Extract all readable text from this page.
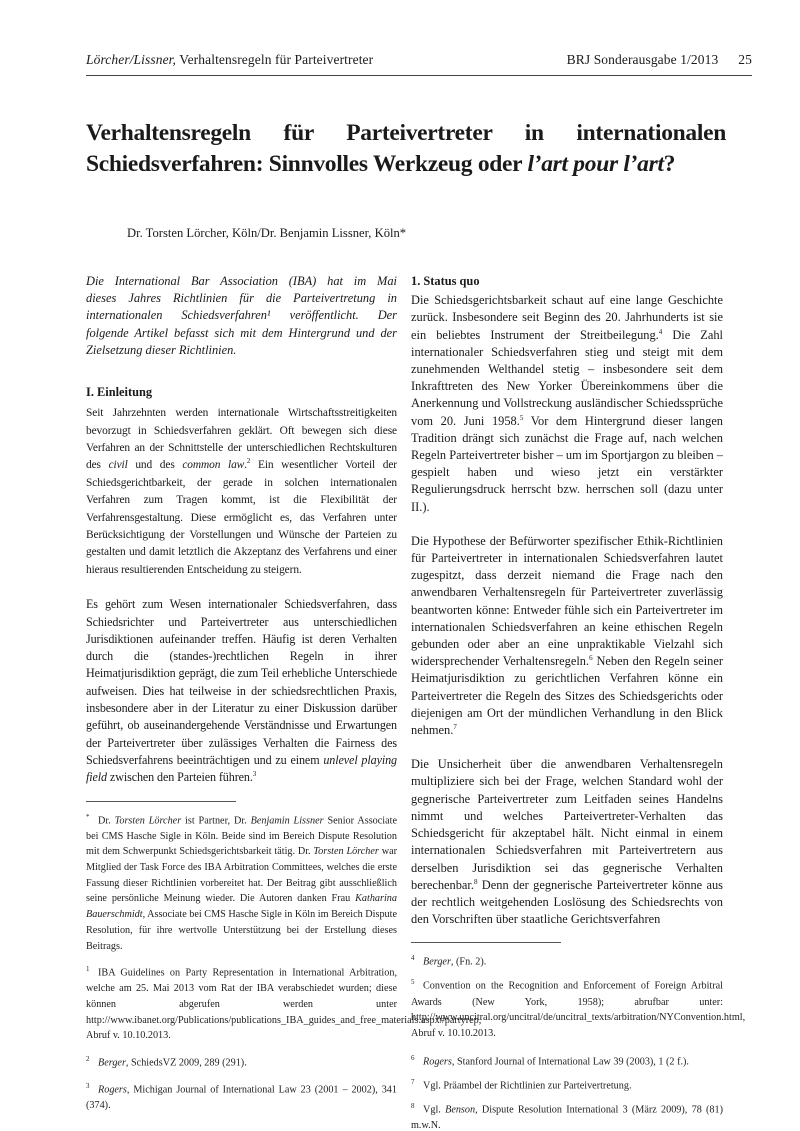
Lörcher/Lissner, Verhaltensregeln für Parteivertreter	BRJ Sonderausgabe 1/2013 25
Verhaltensregeln für Parteivertreter in internationalen
Schiedsverfahren: Sinnvolles Werkzeug oder l’art pour l’art?
Dr. Torsten Lörcher, Köln/Dr. Benjamin Lissner, Köln*
Die International Bar Association (IBA) hat im Mai
dieses Jahres Richtlinien für die Parteivertretung in
internationalen Schiedsverfahren¹ veröffentlicht. Der
folgende Artikel befasst sich mit dem Hintergrund und der
Zielsetzung dieser Richtlinien.
I. Einleitung

Seit Jahrzehnten werden internationale Wirtschaftsstreitigkeiten bevorzugt in Schiedsverfahren geklärt. Oft bewegen sich diese Verfahren an der Schnittstelle der unterschiedlichen Rechtskulturen des civil und des common law.$^2$ Ein wesentlicher Vorteil der Schiedsgerichtbarkeit, der gerade in solchen internationalen Verfahren zum Tragen kommt, ist die Flexibilität der Verfahrensgestaltung. Diese ermöglicht es, das Verfahren unter Berücksichtigung der Vorstellungen und Wünsche der Parteien zu gestalten und damit letztlich die Akzeptanz des Verfahrens und einer hieraus resultierenden Entscheidung zu steigern.

Es gehört zum Wesen internationaler Schiedsverfahren, dass Schiedsrichter und Parteivertreter aus unterschiedlichen Jurisdiktionen aufeinander treffen. Häufig ist deren Verhalten durch die (standes-)rechtlichen Regeln in ihrer Heimatjurisdiktion geprägt, die zum Teil erhebliche Unterschiede aufweisen. Dies hat teilweise in der schiedsrechtlichen Praxis, insbesondere aber in der Literatur zu einer Diskussion darüber geführt, ob auseinandergehende Verständnisse und Erwartungen der Parteivertreter über zulässiges Verhalten die Fairness des Schiedsverfahrens beeinträchtigen und zu einem unlevel playing field zwischen den Parteien führen.$^3$

* Dr. Torsten Lörcher ist Partner, Dr. Benjamin Lissner Senior Associate bei CMS Hasche Sigle in Köln. Beide sind im Bereich Dispute Resolution mit dem Schwerpunkt Schiedsgerichtsbarkeit tätig. Dr. Torsten Lörcher war Mitglied der Task Force des IBA Arbitration Committees, welches die erste Fassung dieser Richtlinien vorbereitet hat. Der Beitrag gibt ausschließlich seine persönliche Meinung wieder. Die Autoren danken Frau Katharina Bauerschmidt, Associate bei CMS Hasche Sigle in Köln im Bereich Dispute Resolution, für ihre wertvolle Unterstützung bei der Erstellung dieses Beitrags.
1 IBA Guidelines on Party Representation in International Arbitration, welche am 25. Mai 2013 vom Rat der IBA verabschiedet wurden; diese können abgerufen werden unter http://www.ibanet.org/Publications/publications_IBA_guides_and_free_materials.aspx#partyrep, Abruf v. 10.10.2013.
2 Berger, SchiedsVZ 2009, 289 (291).
3 Rogers, Michigan Journal of International Law 23 (2001 – 2002), 341 (374).
1. Status quo

Die Schiedsgerichtsbarkeit schaut auf eine lange Geschichte zurück. Insbesondere seit Beginn des 20. Jahrhunderts ist sie ein beliebtes Instrument der Streitbeilegung.$^4$ Die Zahl internationaler Schiedsverfahren stieg und steigt mit dem zunehmenden Welthandel stetig – insbesondere seit dem Inkrafttreten des New Yorker Übereinkommens über die Anerkennung und Vollstreckung ausländischer Schiedssprüche vom 20. Juni 1958.$^5$ Vor dem Hintergrund dieser langen Tradition drängt sich zunächst die Frage auf, nach welchen Regeln Parteivertreter bisher – um im Sportjargon zu bleiben – gespielt haben und wieso jetzt ein verstärkter Regulierungsdruck herrscht bzw. herrschen soll (dazu unter II.).

Die Hypothese der Befürworter spezifischer Ethik-Richtlinien für Parteivertreter in internationalen Schiedsverfahren lautet zugespitzt, dass derzeit niemand die Frage nach den anwendbaren Verhaltensregeln für Parteivertreter zuverlässig beantworten könne: Entweder fühle sich ein Parteivertreter im internationalen Schiedsverfahren an keine ethischen Regeln gebunden oder aber an eine unpraktikable Vielzahl sich widersprechender Verhaltensregeln.$^6$ Neben den Regeln seiner Heimatjurisdiktion zu gerichtlichen Verfahren könne ein Parteivertreter die Regeln des Sitzes des Schiedsgerichts oder diejenigen am Ort der mündlichen Verhandlung in den Blick nehmen.$^7$

Die Unsicherheit über die anwendbaren Verhaltensregeln multipliziere sich bei der Frage, welchen Standard wohl der gegnerische Parteivertreter zum Leitfaden seines Handelns nimmt und welches Parteivertreter-Verhalten das Schiedsgericht für akzeptabel hält. Nicht einmal in einem internationalen Schiedsverfahren mit Parteivertretern aus derselben Jurisdiktion sei das gegnerische Verhalten berechenbar.$^8$ Denn der gegnerische Parteivertreter könne aus der rechtlich weitgehenden Loslösung des Schiedsrechts von den Vorschriften über staatliche Gerichtsverfahren

4 Berger, (Fn. 2).
5 Convention on the Recognition and Enforcement of Foreign Arbitral Awards (New York, 1958); abrufbar unter: http://www.uncitral.org/uncitral/de/uncitral_texts/arbitration/NYConvention.html, Abruf v. 10.10.2013.
6 Rogers, Stanford Journal of International Law 39 (2003), 1 (2 f.).
7 Vgl. Präambel der Richtlinien zur Parteivertretung.
8 Vgl. Benson, Dispute Resolution International 3 (März 2009), 78 (81) m.w.N.
